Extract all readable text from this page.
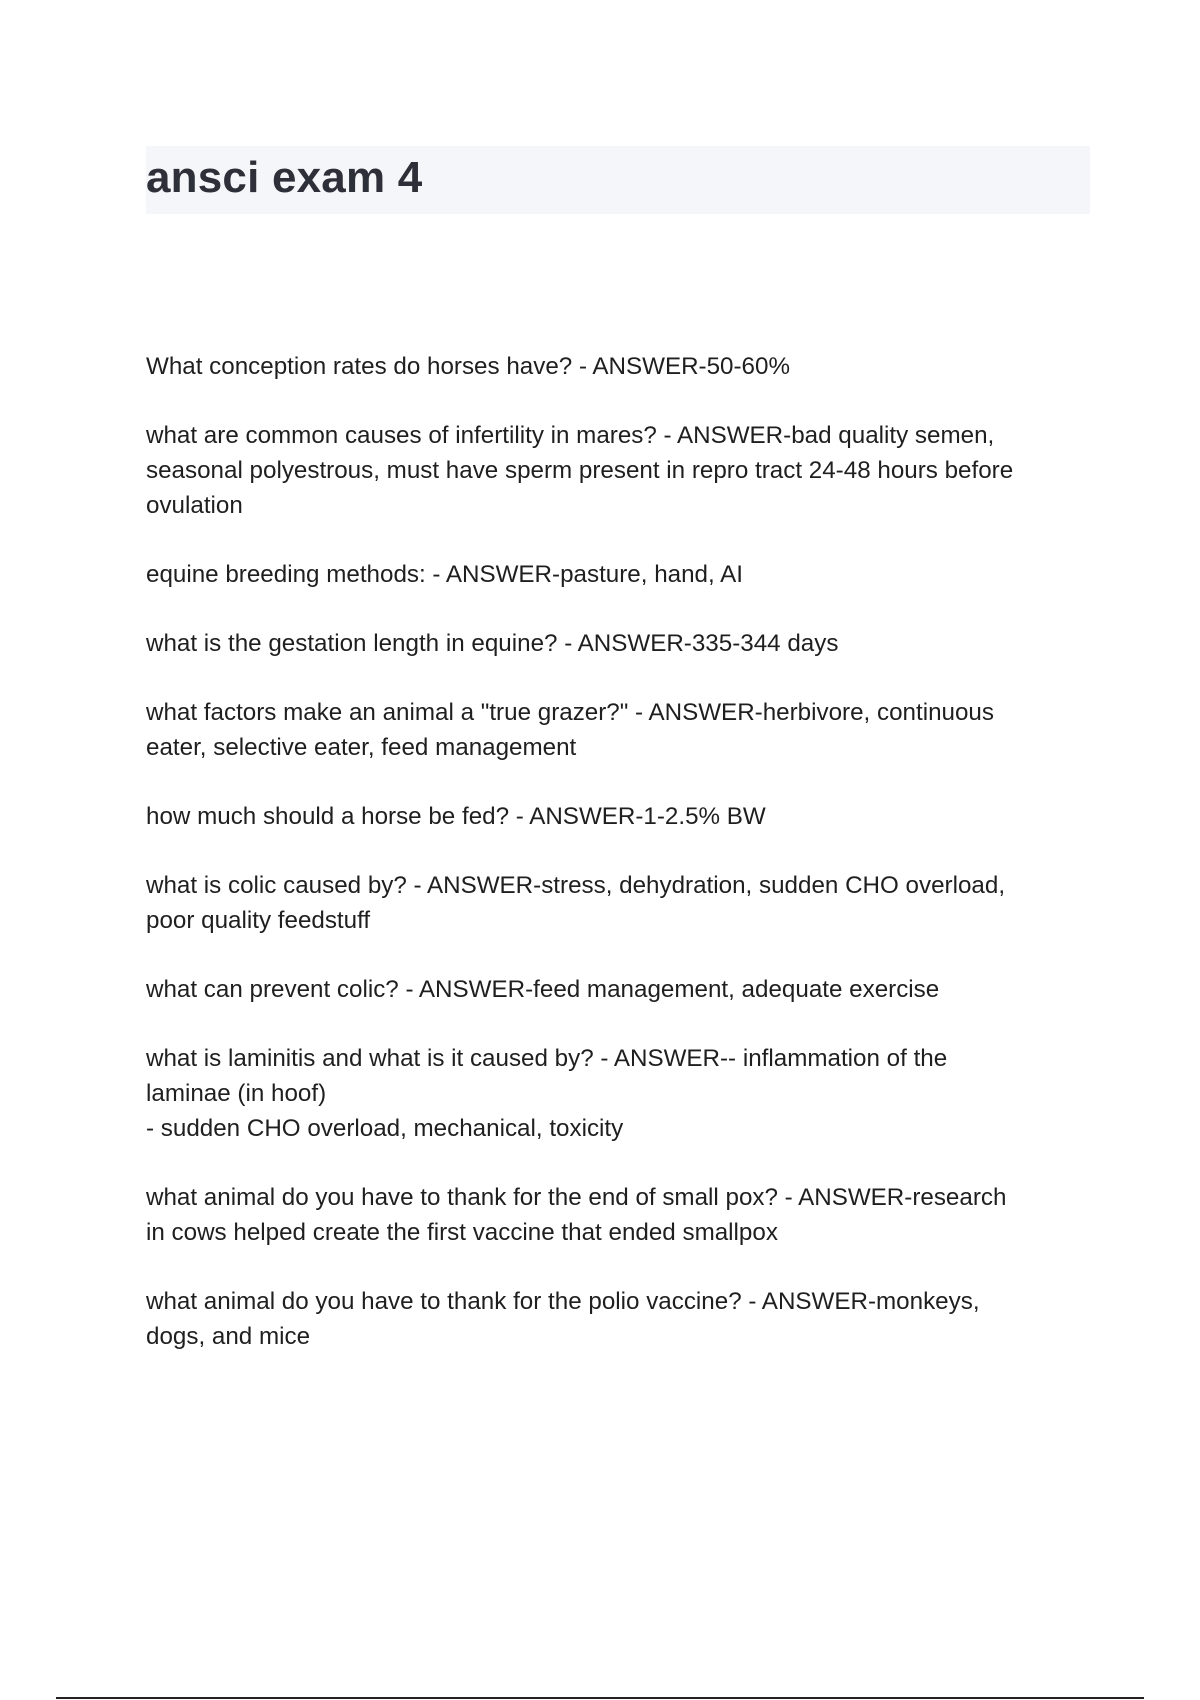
ansci exam 4
What conception rates do horses have? - ANSWER-50-60%
what are common causes of infertility in mares? - ANSWER-bad quality semen,
seasonal polyestrous, must have sperm present in repro tract 24-48 hours before
ovulation
equine breeding methods: - ANSWER-pasture, hand, AI
what is the gestation length in equine? - ANSWER-335-344 days
what factors make an animal a "true grazer?" - ANSWER-herbivore, continuous
eater, selective eater, feed management
how much should a horse be fed? - ANSWER-1-2.5% BW
what is colic caused by? - ANSWER-stress, dehydration, sudden CHO overload,
poor quality feedstuff
what can prevent colic? - ANSWER-feed management, adequate exercise
what is laminitis and what is it caused by? - ANSWER-- inflammation of the
laminae (in hoof)
- sudden CHO overload, mechanical, toxicity
what animal do you have to thank for the end of small pox? - ANSWER-research
in cows helped create the first vaccine that ended smallpox
what animal do you have to thank for the polio vaccine? - ANSWER-monkeys,
dogs, and mice
